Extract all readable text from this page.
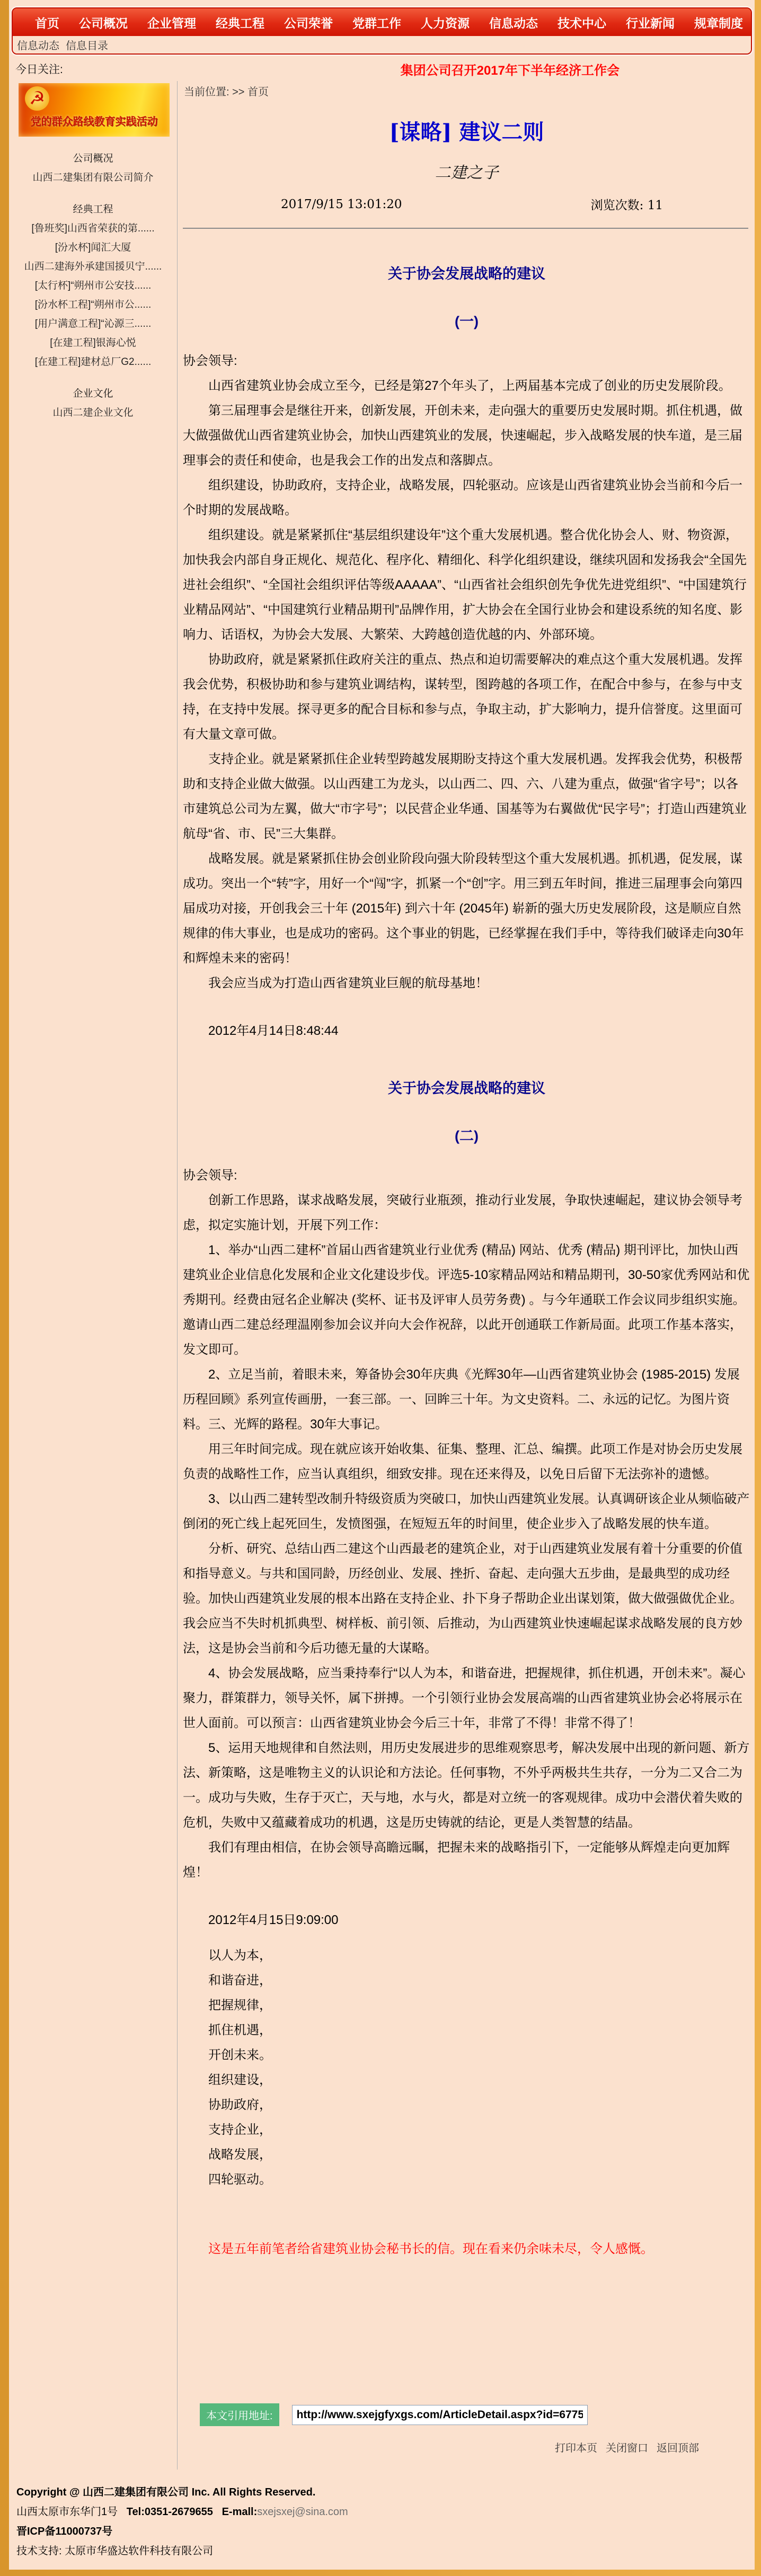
首页 公司概况 企业管理 经典工程 公司荣誉 党群工作 人力资源 信息动态 技术中心 行业新闻 规章制度
信息动态 信息目录
今日关注:	集团公司召开2017年下半年经济工作会
☭
党的群众路线教育实践活动
公司概况
山西二建集团有限公司简介
经典工程
[鲁班奖]山西省荣获的第......
[汾水杯]闻汇大厦
山西二建海外承建国援贝宁......
[太行杯]“朔州市公安技......
[汾水杯工程]“朔州市公......
[用户满意工程]“沁源三......
[在建工程]银海心悦
[在建工程]建材总厂G2......
企业文化
山西二建企业文化
当前位置: >> 首页
[谋略] 建议二则
二建之子
2017/9/15 13:01:20	浏览次数: 11
关于协会发展战略的建议
(一)
协会领导:
山西省建筑业协会成立至今，已经是第27个年头了，上两届基本完成了创业的历史发展阶段。
第三届理事会是继往开来，创新发展，开创未来，走向强大的重要历史发展时期。抓住机遇，做大做强做优山西省建筑业协会，加快山西建筑业的发展，快速崛起，步入战略发展的快车道，是三届理事会的责任和使命，也是我会工作的出发点和落脚点。
组织建设，协助政府，支持企业，战略发展，四轮驱动。应该是山西省建筑业协会当前和今后一个时期的发展战略。
组织建设。就是紧紧抓住“基层组织建设年”这个重大发展机遇。整合优化协会人、财、物资源，加快我会内部自身正规化、规范化、程序化、精细化、科学化组织建设，继续巩固和发扬我会“全国先进社会组织”、“全国社会组织评估等级AAAAA”、“山西省社会组织创先争优先进党组织”、“中国建筑行业精品网站”、“中国建筑行业精品期刊”品牌作用，扩大协会在全国行业协会和建设系统的知名度、影响力、话语权，为协会大发展、大繁荣、大跨越创造优越的内、外部环境。
协助政府，就是紧紧抓住政府关注的重点、热点和迫切需要解决的难点这个重大发展机遇。发挥我会优势，积极协助和参与建筑业调结构，谋转型，图跨越的各项工作，在配合中参与，在参与中支持，在支持中发展。探寻更多的配合目标和参与点，争取主动，扩大影响力，提升信誉度。这里面可有大量文章可做。
支持企业。就是紧紧抓住企业转型跨越发展期盼支持这个重大发展机遇。发挥我会优势，积极帮助和支持企业做大做强。以山西建工为龙头，以山西二、四、六、八建为重点，做强“省字号”；以各市建筑总公司为左翼，做大“市字号”；以民营企业华通、国基等为右翼做优“民字号”；打造山西建筑业航母“省、市、民”三大集群。
战略发展。就是紧紧抓住协会创业阶段向强大阶段转型这个重大发展机遇。抓机遇，促发展，谋成功。突出一个“转”字，用好一个“闯”字，抓紧一个“创”字。用三到五年时间，推进三届理事会向第四届成功对接，开创我会三十年 (2015年) 到六十年 (2045年) 崭新的强大历史发展阶段，这是顺应自然规律的伟大事业，也是成功的密码。这个事业的钥匙，已经掌握在我们手中，等待我们破译走向30年和辉煌未来的密码！
我会应当成为打造山西省建筑业巨舰的航母基地！
2012年4月14日8:48:44
关于协会发展战略的建议
(二)
协会领导:
创新工作思路，谋求战略发展，突破行业瓶颈，推动行业发展，争取快速崛起，建议协会领导考虑，拟定实施计划，开展下列工作：
1、举办“山西二建杯”首届山西省建筑业行业优秀 (精品) 网站、优秀 (精品) 期刊评比，加快山西建筑业企业信息化发展和企业文化建设步伐。评选5-10家精品网站和精品期刊，30-50家优秀网站和优秀期刊。经费由冠名企业解决 (奖杯、证书及评审人员劳务费) 。与今年通联工作会议同步组织实施。邀请山西二建总经理温刚参加会议并向大会作祝辞，以此开创通联工作新局面。此项工作基本落实，发文即可。
2、立足当前，着眼未来，筹备协会30年庆典《光辉30年—山西省建筑业协会 (1985-2015) 发展历程回顾》系列宣传画册，一套三部。一、回眸三十年。为文史资料。二、永远的记忆。为图片资料。三、光辉的路程。30年大事记。
用三年时间完成。现在就应该开始收集、征集、整理、汇总、编撰。此项工作是对协会历史发展负责的战略性工作，应当认真组织，细致安排。现在还来得及，以免日后留下无法弥补的遗憾。
3、以山西二建转型改制升特级资质为突破口，加快山西建筑业发展。认真调研该企业从频临破产倒闭的死亡线上起死回生，发愤图强，在短短五年的时间里，使企业步入了战略发展的快车道。
分析、研究、总结山西二建这个山西最老的建筑企业，对于山西建筑业发展有着十分重要的价值和指导意义。与共和国同龄，历经创业、发展、挫折、奋起、走向强大五步曲，是最典型的成功经验。加快山西建筑业发展的根本出路在支持企业、扑下身子帮助企业出谋划策，做大做强做优企业。我会应当不失时机抓典型、树样板、前引领、后推动，为山西建筑业快速崛起谋求战略发展的良方妙法，这是协会当前和今后功德无量的大谋略。
4、协会发展战略，应当秉持奉行“以人为本，和谐奋进，把握规律，抓住机遇，开创未来”。凝心聚力，群策群力，领导关怀，属下拼搏。一个引领行业协会发展高端的山西省建筑业协会必将展示在世人面前。可以预言：山西省建筑业协会今后三十年，非常了不得！非常不得了！
5、运用天地规律和自然法则，用历史发展进步的思维观察思考，解决发展中出现的新问题、新方法、新策略，这是唯物主义的认识论和方法论。任何事物，不外乎两极共生共存，一分为二又合二为一。成功与失败，生存于灭亡，天与地，水与火，都是对立统一的客观规律。成功中会潜伏着失败的危机，失败中又蕴藏着成功的机遇，这是历史铸就的结论，更是人类智慧的结晶。
我们有理由相信，在协会领导高瞻远瞩，把握未来的战略指引下，一定能够从辉煌走向更加辉煌！
2012年4月15日9:09:00
以人为本，
和谐奋进，
把握规律，
抓住机遇，
开创未来。
组织建设，
协助政府，
支持企业，
战略发展，
四轮驱动。
这是五年前笔者给省建筑业协会秘书长的信。现在看来仍余味未尽，令人感慨。
本文引用地址:
http://www.sxejgfyxgs.com/ArticleDetail.aspx?id=67757
打印本页 关闭窗口 返回顶部
Copyright @ 山西二建集团有限公司 Inc. All Rights Reserved.
山西太原市东华门1号 Tel:0351-2679655 E-mall:sxejsxej@sina.com
晋ICP备11000737号
技术支持: 太原市华盛达软件科技有限公司
